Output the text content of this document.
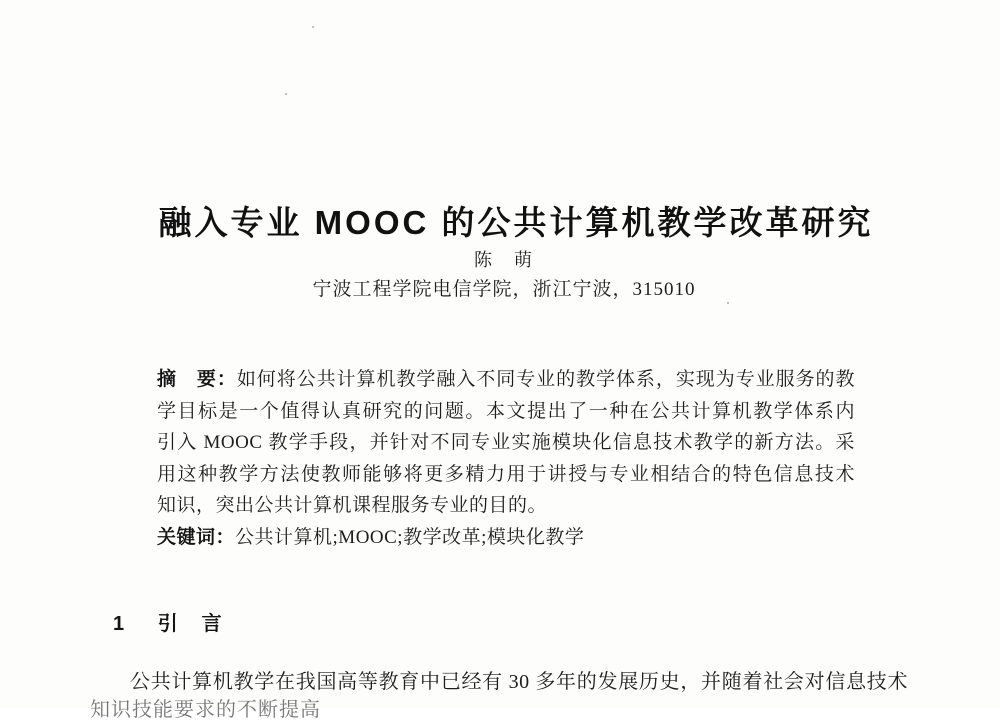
融入专业 MOOC 的公共计算机教学改革研究
陈　萌
宁波工程学院电信学院，浙江宁波，315010
摘　要：如何将公共计算机教学融入不同专业的教学体系，实现为专业服务的教
学目标是一个值得认真研究的问题。本文提出了一种在公共计算机教学体系内
引入 MOOC 教学手段，并针对不同专业实施模块化信息技术教学的新方法。采
用这种教学方法使教师能够将更多精力用于讲授与专业相结合的特色信息技术
知识，突出公共计算机课程服务专业的目的。
关键词：公共计算机;MOOC;教学改革;模块化教学
1 引　言
公共计算机教学在我国高等教育中已经有 30 多年的发展历史，并随着社会对信息技术
知识技能要求的不断提高
